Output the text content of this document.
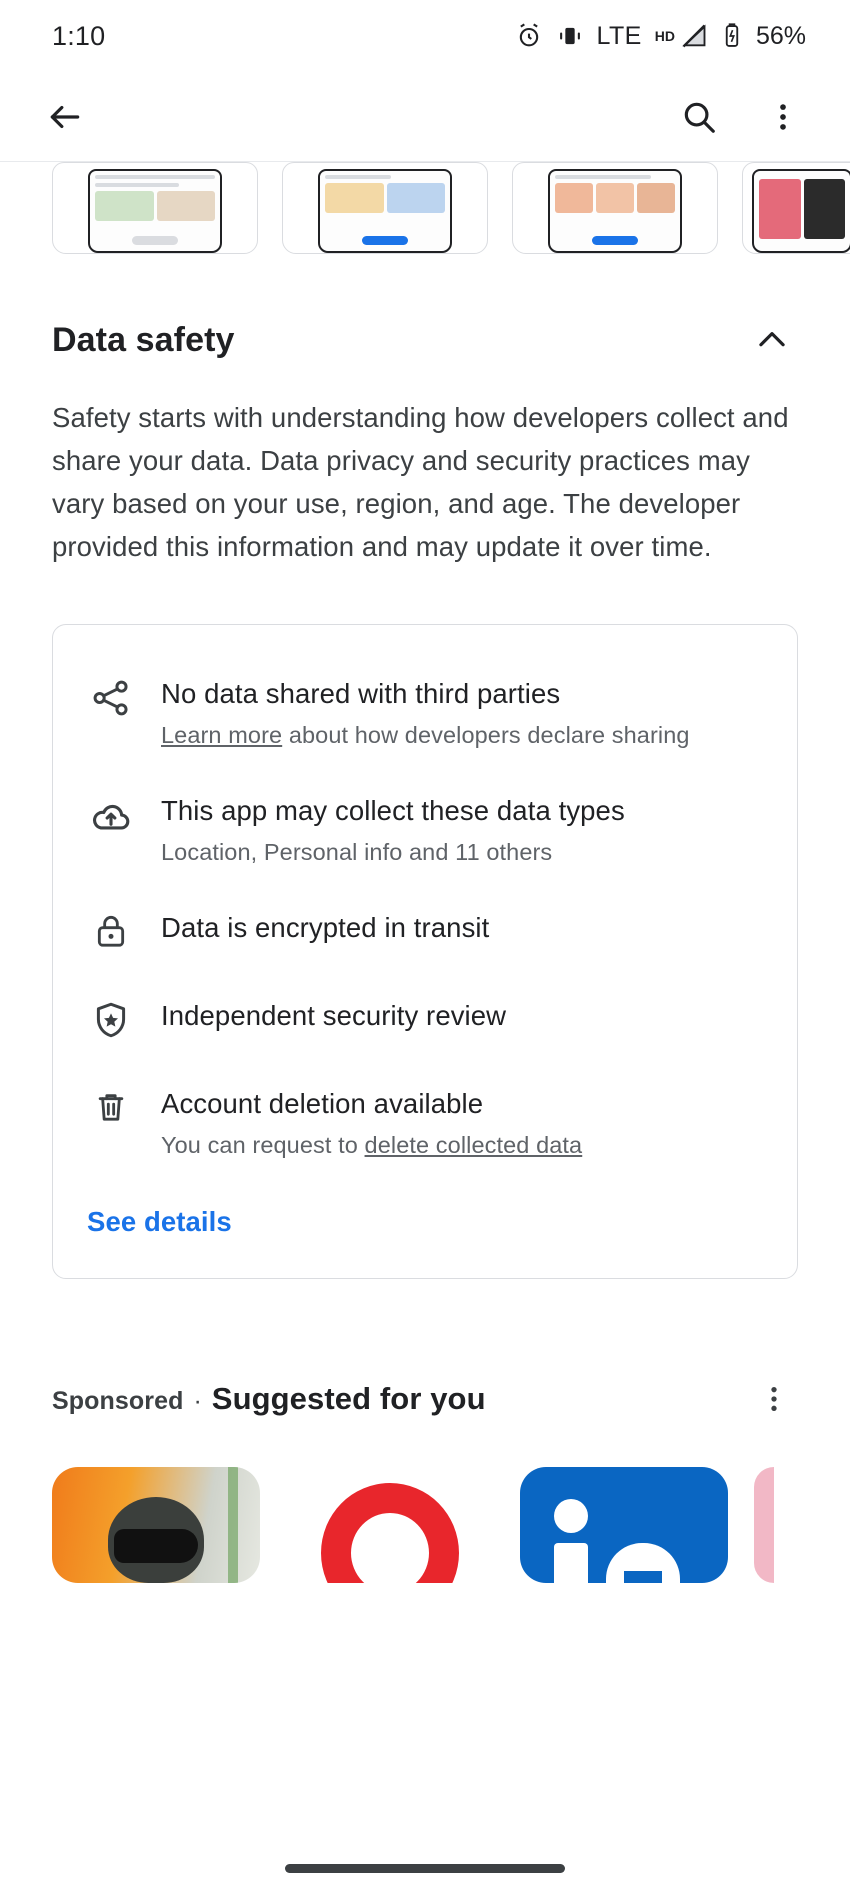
1:10	LTE HD	56%
Data safety
Safety starts with understanding how developers collect and share your data. Data privacy and security practices may vary based on your use, region, and age. The developer provided this information and may update it over time.
No data shared with third parties
Learn more about how developers declare sharing
This app may collect these data types
Location, Personal info and 11 others
Data is encrypted in transit
Independent security review
Account deletion available
You can request to delete collected data
See details
Sponsored · Suggested for you
